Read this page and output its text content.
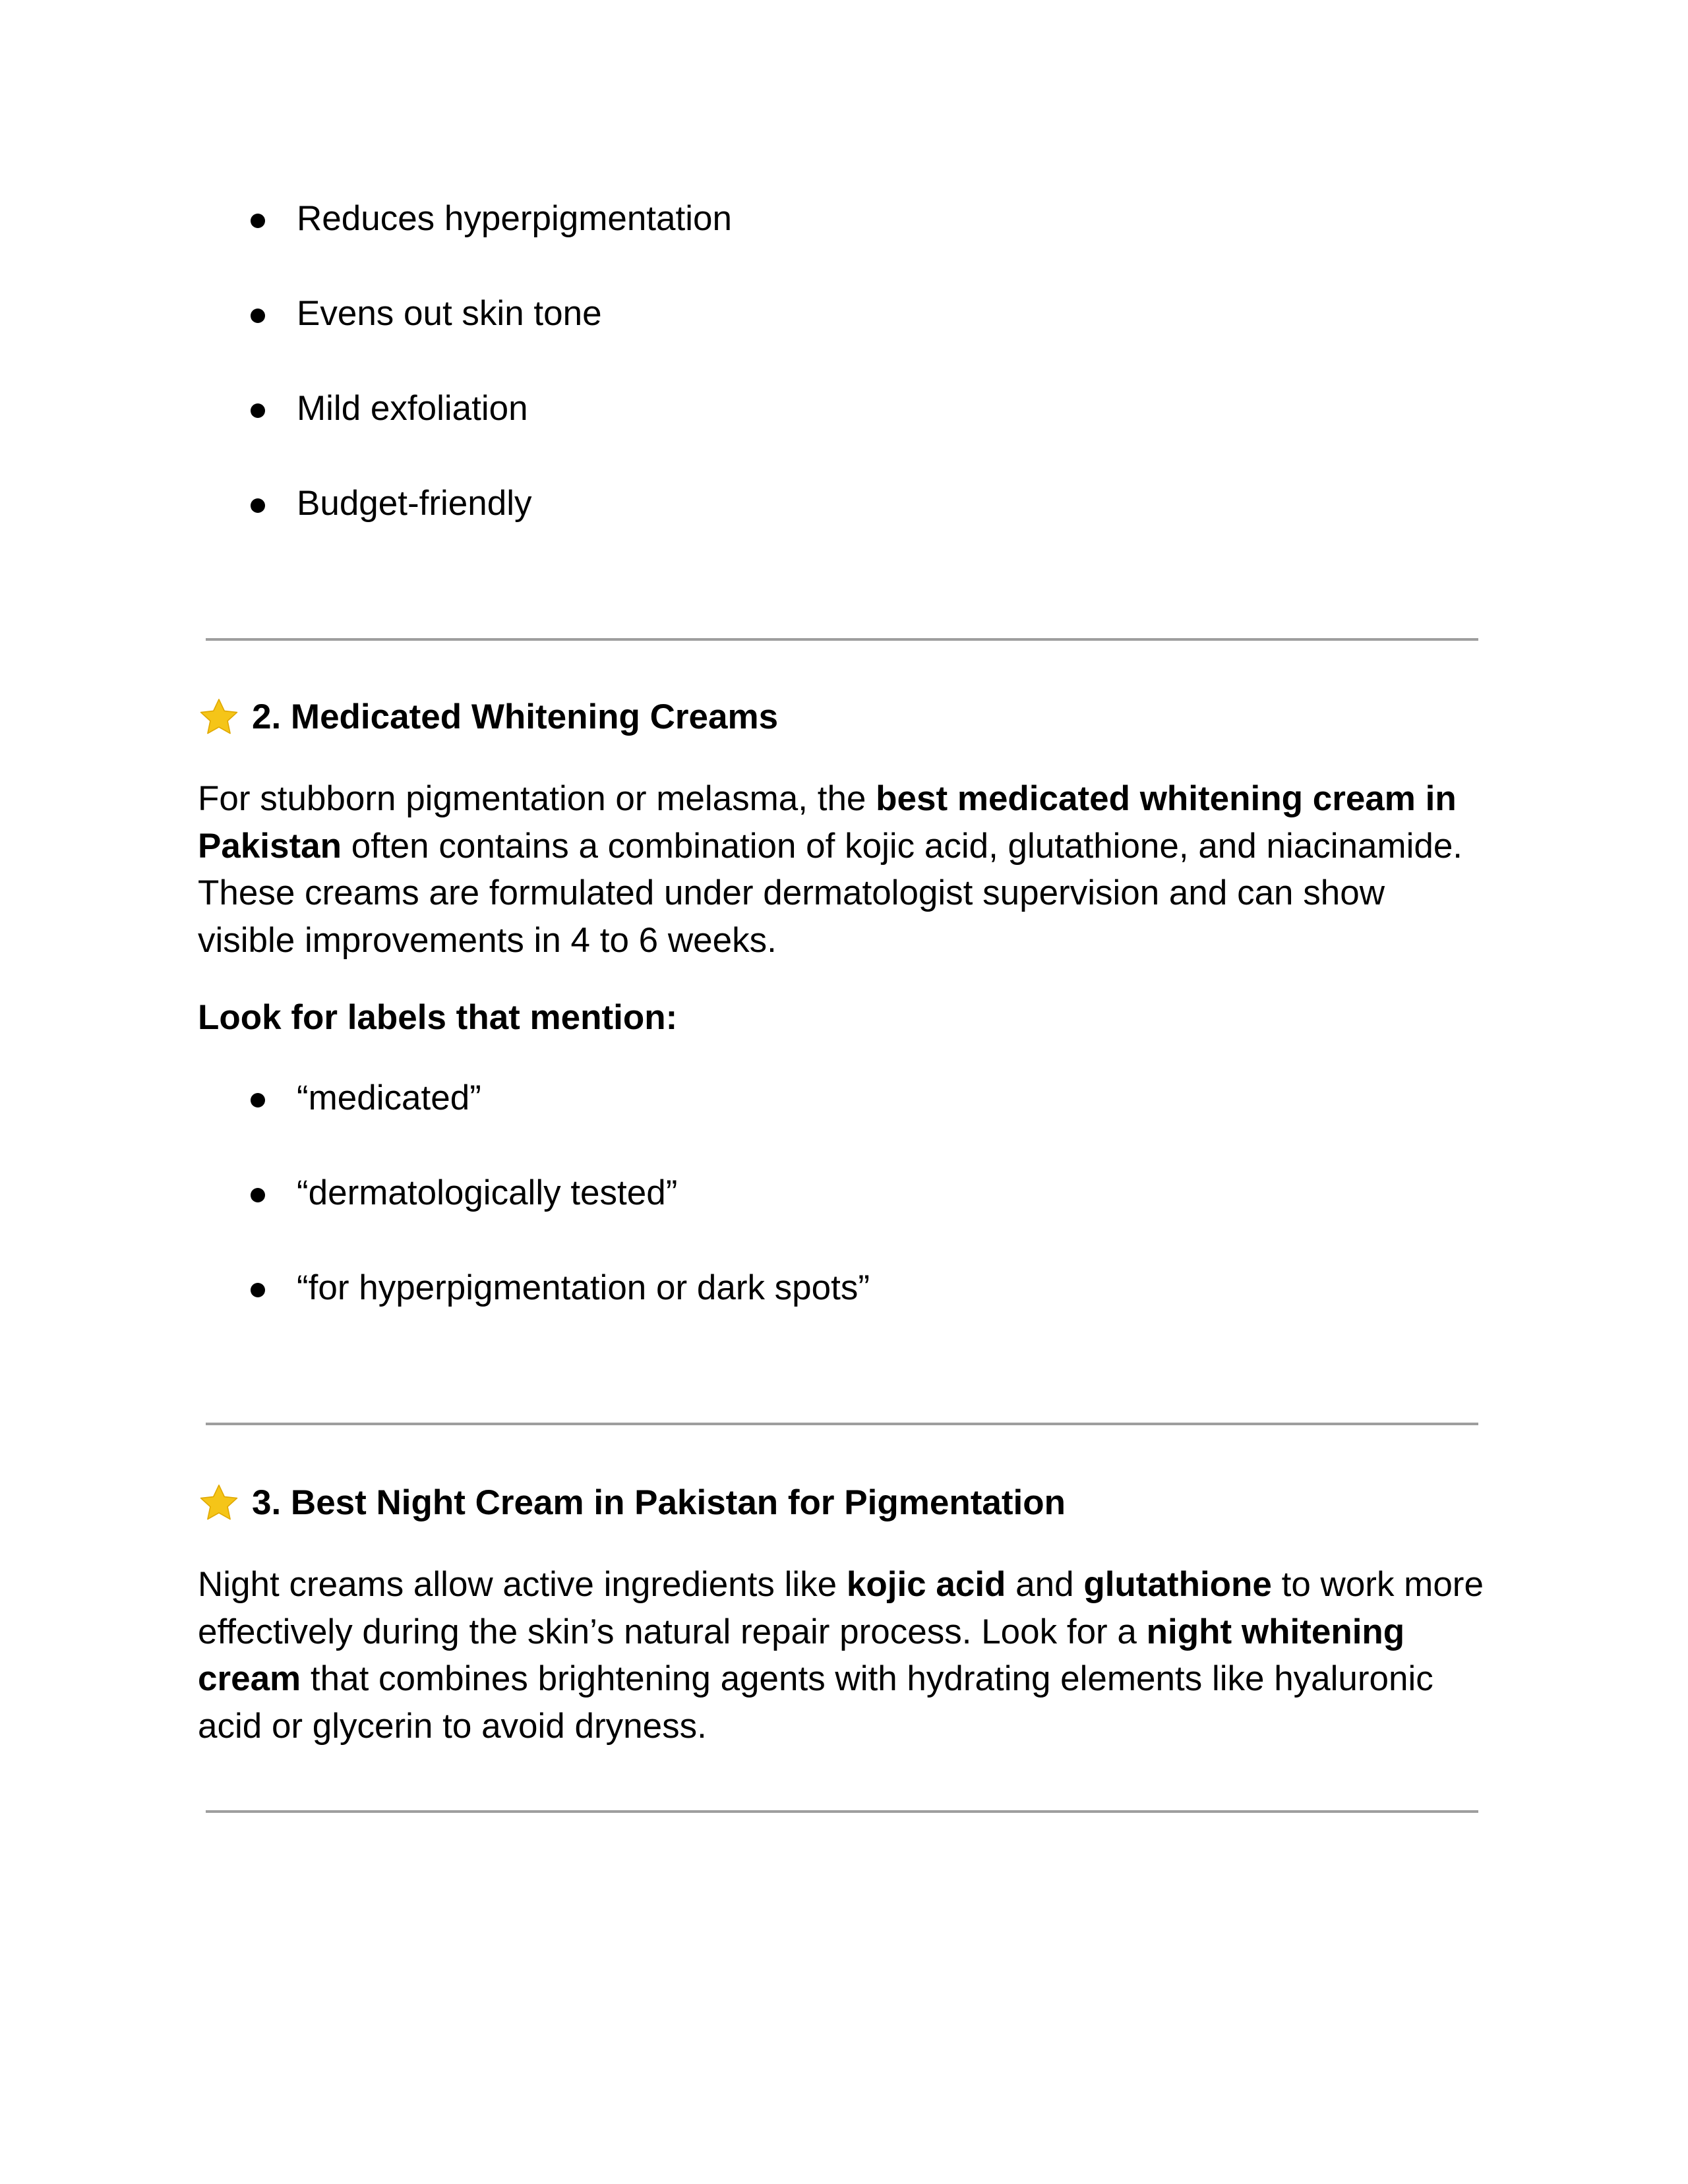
Reduces hyperpigmentation
Evens out skin tone
Mild exfoliation
Budget-friendly
2. Medicated Whitening Creams

For stubborn pigmentation or melasma, the best medicated whitening cream in Pakistan often contains a combination of kojic acid, glutathione, and niacinamide. These creams are formulated under dermatologist supervision and can show visible improvements in 4 to 6 weeks.

Look for labels that mention:
“medicated”
“dermatologically tested”
“for hyperpigmentation or dark spots”
3. Best Night Cream in Pakistan for Pigmentation

Night creams allow active ingredients like kojic acid and glutathione to work more effectively during the skin’s natural repair process. Look for a night whitening cream that combines brightening agents with hydrating elements like hyaluronic acid or glycerin to avoid dryness.
